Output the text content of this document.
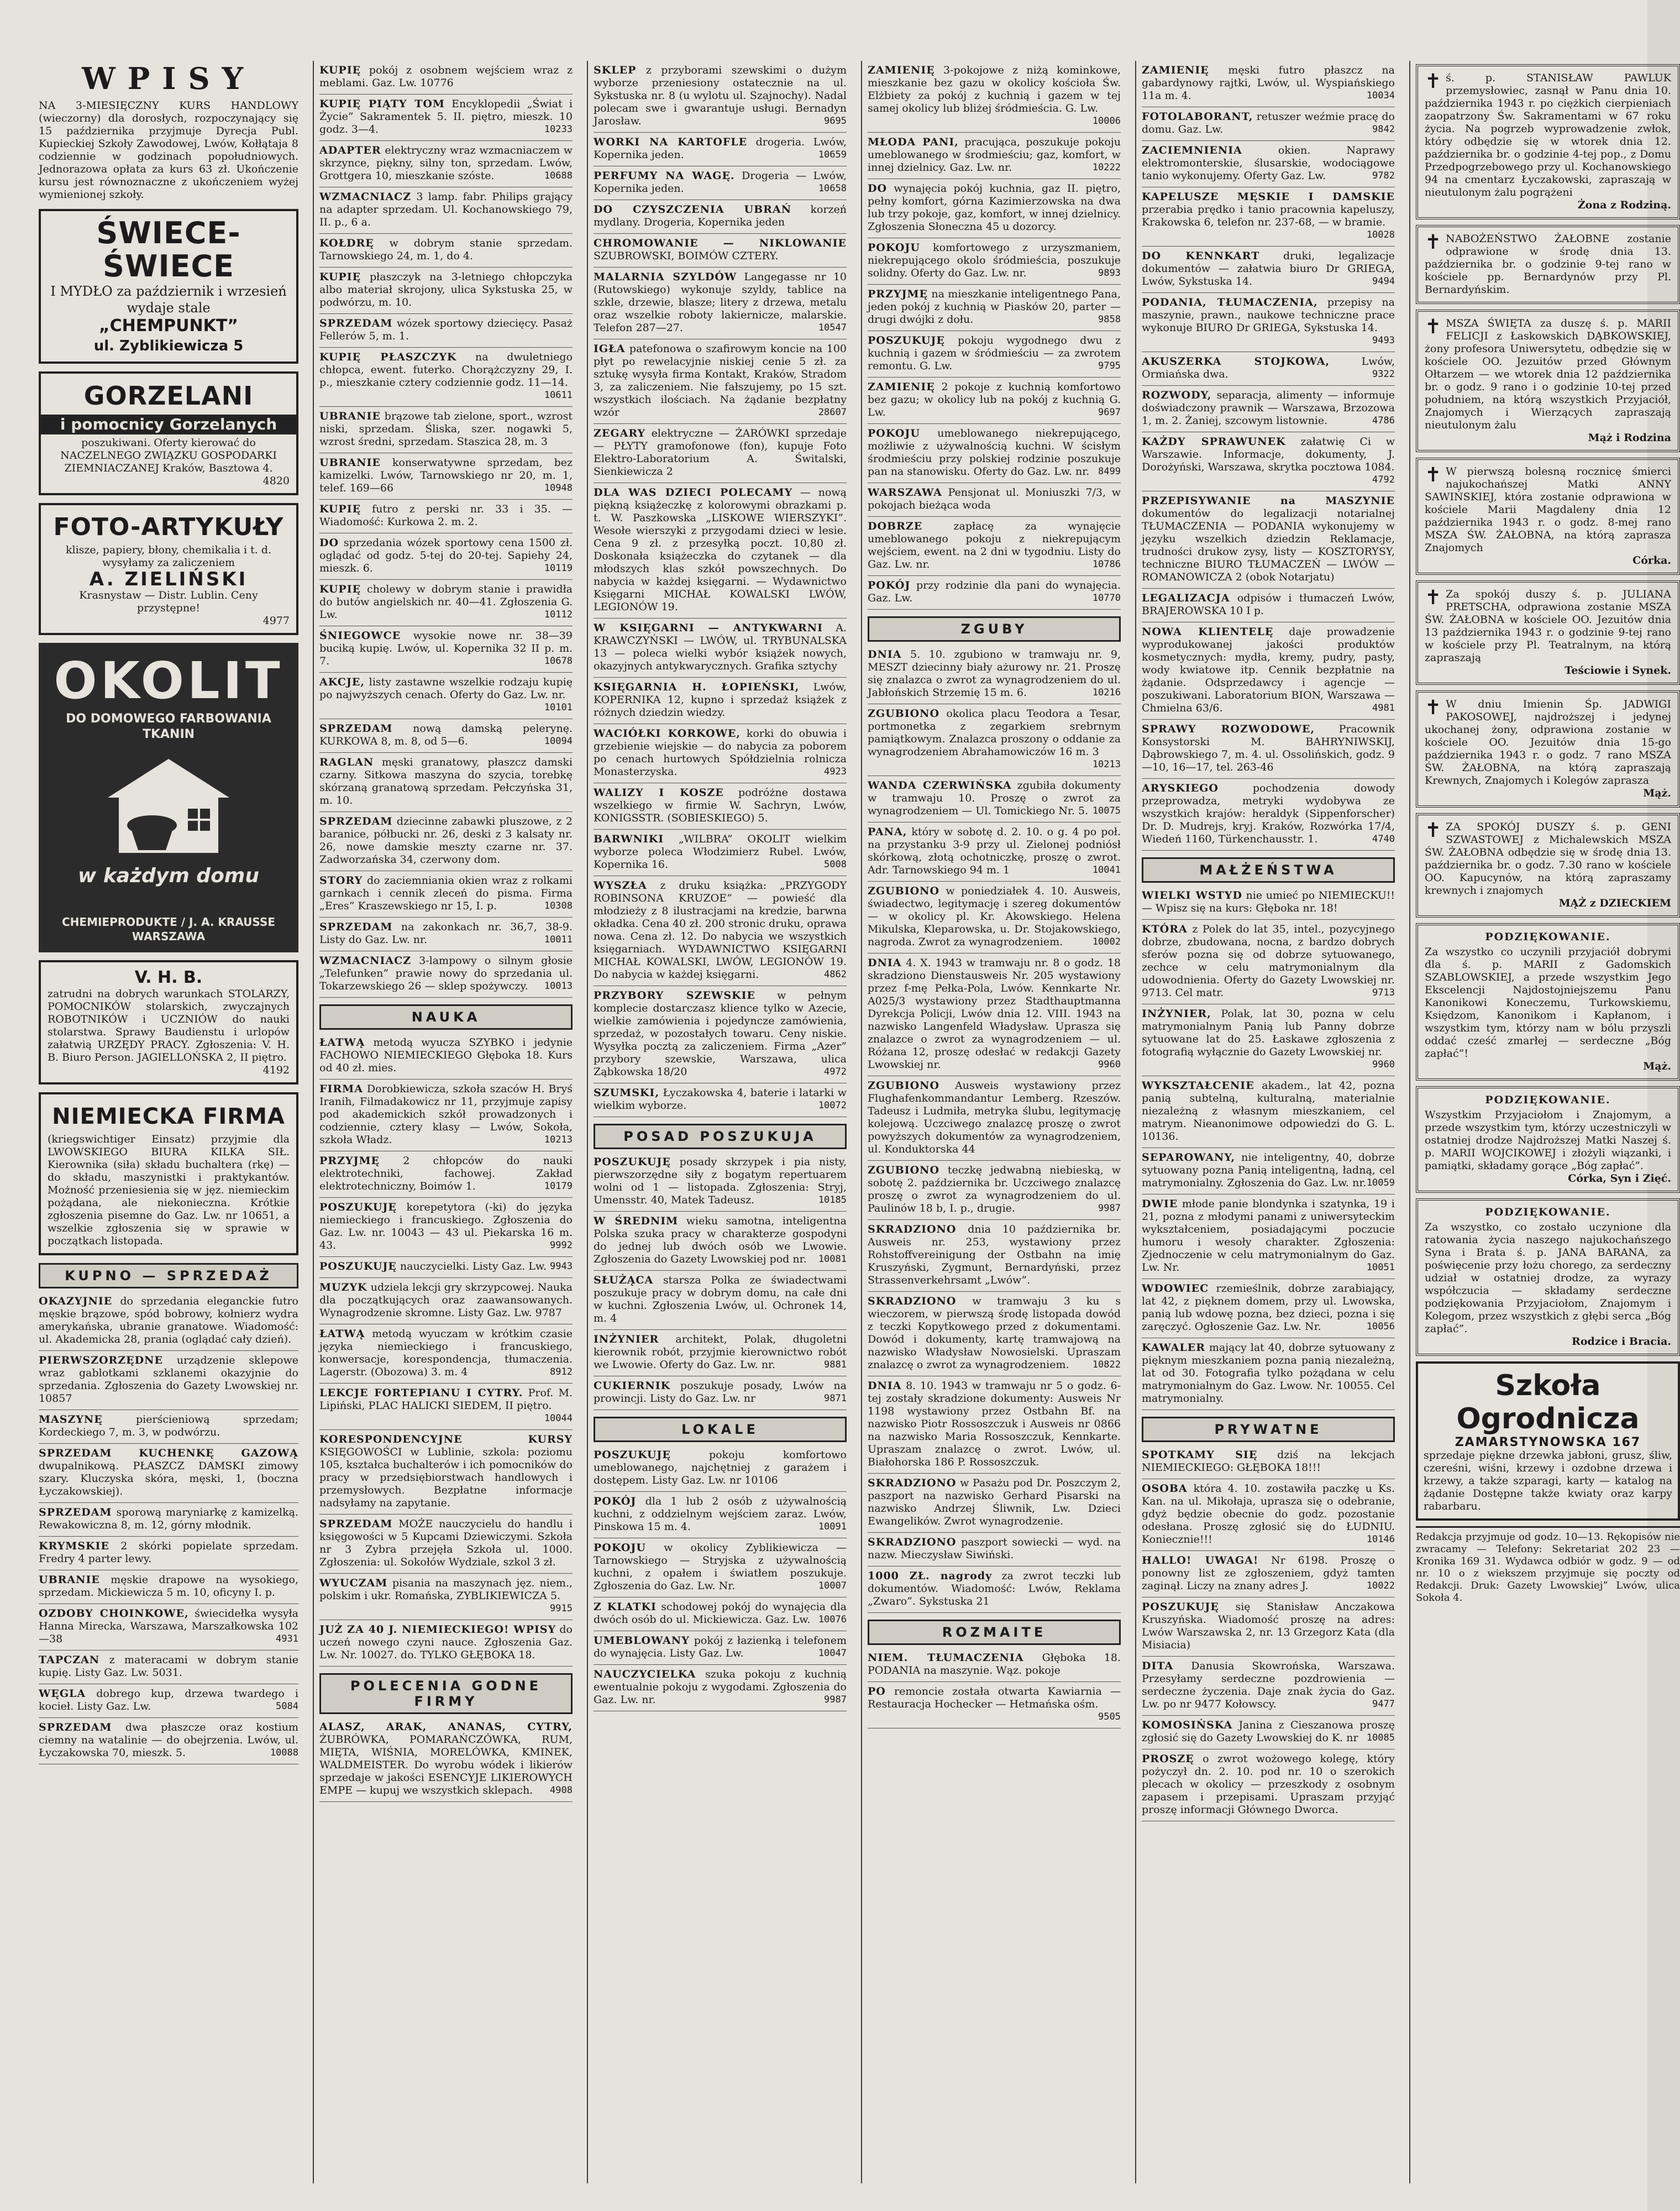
WPISY
NA 3-MIESIĘCZNY KURS HANDLOWY (wieczorny) dla dorosłych, rozpoczynający się 15 października przyjmuje Dyrecja Publ. Kupieckiej Szkoły Zawodowej, Lwów, Kołłątaja 8 codziennie w godzinach popołudniowych. Jednorazowa opłata za kurs 63 zł. Ukończenie kursu jest równoznaczne z ukończeniem wyżej wymienionej szkoły.
ŚWIECE-ŚWIECE
I MYDŁO za październik i wrzesień wydaje stale
„CHEMPUNKT”
ul. Zyblikiewicza 5
GORZELANI
i pomocnicy Gorzelanych
poszukiwani. Oferty kierować do NACZELNEGO ZWIĄZKU GOSPODARKI ZIEMNIACZANEJ Kraków, Basztowa 4.
4820
FOTO-ARTYKUŁY
klisze, papiery, błony, chemikalia i t. d. wysyłamy za zaliczeniem
A. ZIELIŃSKI
Krasnystaw — Distr. Lublin. Ceny przystępne!
4977
OKOLIT
DO DOMOWEGO FARBOWANIA TKANIN
w każdym domu
CHEMIEPRODUKTE / J. A. KRAUSSE
WARSZAWA
V. H. B.
zatrudni na dobrych warunkach STOLARZY, POMOCNIKÓW stolarskich, zwyczajnych ROBOTNIKÓW i UCZNIÓW do nauki stolarstwa. Sprawy Baudienstu i urlopów załatwią URZĘDY PRACY. Zgłoszenia: V. H. B. Biuro Person. JAGIELLOŃSKA 2, II piętro.
4192
NIEMIECKA FIRMA
(kriegswichtiger Einsatz) przyjmie dla LWOWSKIEGO BIURA KILKA SIŁ. Kierownika (siła) składu buchaltera (rkę) — do składu, maszynistki i praktykantów. Możność przeniesienia się w jęz. niemieckim pożądana, ale niekonieczna. Krótkie zgłoszenia pisemne do Gaz. Lw. nr 10651, a wszelkie zgłoszenia się w sprawie w początkach listopada.
KUPNO — SPRZEDAŻ
OKAZYJNIE do sprzedania eleganckie futro męskie brązowe, spód bobrowy, kołnierz wydra amerykańska, ubranie granatowe. Wiadomość: ul. Akademicka 28, prania (oglądać cały dzień).
PIERWSZORZĘDNE urządzenie sklepowe wraz gablotkami szklanemi okazyjnie do sprzedania. Zgłoszenia do Gazety Lwowskiej nr. 10857
MASZYNĘ pierścieniową sprzedam; Kordeckiego 7, m. 3, w podwórzu.
SPRZEDAM KUCHENKĘ GAZOWĄ dwupalnikową. PŁASZCZ DAMSKI zimowy szary. Kluczyska skóra, męski, 1, (boczna Łyczakowskiej).
SPRZEDAM sporową maryniarkę z kamizelką. Rewakowiczna 8, m. 12, górny młodnik.
KRYMSKIE 2 skórki popielate sprzedam. Fredry 4 parter lewy.
UBRANIE męskie drapowe na wysokiego, sprzedam. Mickiewicza 5 m. 10, oficyny I. p.
OZDOBY CHOINKOWE, świecidełka wysyła Hanna Mirecka, Warszawa, Marszałkowska 102—38	4931
TAPCZAN z materacami w dobrym stanie kupię. Listy Gaz. Lw. 5031.
WĘGLA dobrego kup, drzewa twardego i kocieł. Listy Gaz. Lw.	5084
SPRZEDAM dwa płaszcze oraz kostium ciemny na watalinie — do obejrzenia. Lwów, ul. Łyczakowska 70, mieszk. 5.	10088
KUPIĘ pokój z osobnem wejściem wraz z meblami. Gaz. Lw. 10776
KUPIĘ PIĄTY TOM Encyklopedii „Świat i Życie” Sakramentek 5. II. piętro, mieszk. 10 godz. 3—4.	10233
ADAPTER elektryczny wraz wzmacniaczem w skrzynce, piękny, silny ton, sprzedam. Lwów, Grottgera 10, mieszkanie szóste.	10688
WZMACNIACZ 3 lamp. fabr. Philips grający na adapter sprzedam. Ul. Kochanowskiego 79, II. p., 6 a.
KOŁDRĘ w dobrym stanie sprzedam. Tarnowskiego 24, m. 1, do 4.
KUPIĘ płaszczyk na 3-letniego chłopczyka albo materiał skrojony, ulica Sykstuska 25, w podwórzu, m. 10.
SPRZEDAM wózek sportowy dziecięcy. Pasaż Fellerów 5, m. 1.
KUPIĘ PŁASZCZYK na dwuletniego chłopca, ewent. futerko. Chorążczyzny 29, I. p., mieszkanie cztery codziennie godz. 11—14.
10611
UBRANIE brązowe tab zielone, sport., wzrost niski, sprzedam. Śliska, szer. nogawki 5, wzrost średni, sprzedam. Staszica 28, m. 3
UBRANIE konserwatywne sprzedam, bez kamizelki. Lwów, Tarnowskiego nr 20, m. 1, telef. 169—66	10948
KUPIĘ futro z perski nr. 33 i 35. — Wiadomość: Kurkowa 2. m. 2.
DO sprzedania wózek sportowy cena 1500 zł. oglądać od godz. 5-tej do 20-tej. Sapiehy 24, mieszk. 6.	10119
KUPIĘ cholewy w dobrym stanie i prawidła do butów angielskich nr. 40—41. Zgłoszenia G. Lw.	10112
ŚNIEGOWCE wysokie nowe nr. 38—39 buciką kupię. Lwów, ul. Kopernika 32 II p. m. 7.	10678
AKCJE, listy zastawne wszelkie rodzaju kupię po najwyższych cenach. Oferty do Gaz. Lw. nr.
10101
SPRZEDAM nową damską pelerynę. KURKOWA 8, m. 8, od 5—6.	10094
RAGLAN męski granatowy, płaszcz damski czarny. Sitkowa maszyna do szycia, torebkę skórzaną granatową sprzedam. Pełczyńska 31, m. 10.
SPRZEDAM dziecinne zabawki pluszowe, z 2 baranice, półbucki nr. 26, deski z 3 kalsaty nr. 26, nowe damskie meszty czarne nr. 37. Zadworzańska 34, czerwony dom.
STORY do zaciemniania okien wraz z rolkami garnkach i cennik zleceń do pisma. Firma „Eres” Kraszewskiego nr 15, I. p.	10308
SPRZEDAM na zakonkach nr. 36,7, 38-9. Listy do Gaz. Lw. nr.	10011
WZMACNIACZ 3-lampowy o silnym głosie „Telefunken” prawie nowy do sprzedania ul. Tokarzewskiego 26 — sklep spożywczy. 10013
NAUKA
ŁATWĄ metodą wyucza SZYBKO i jedynie FACHOWO NIEMIECKIEGO Głęboka 18. Kurs od 40 zł. mies.
FIRMA Dorobkiewicza, szkoła szaców H. Bryś Iranih, Filmadakowicz nr 11, przyjmuje zapisy pod akademickich szkół prowadzonych i codziennie, cztery klasy — Lwów, Sokoła, szkoła Władz.	10213
PRZYJMĘ 2 chłopców do nauki elektrotechniki, fachowej. Zakład elektrotechniczny, Boimów 1.	10179
POSZUKUJĘ korepetytora (-ki) do języka niemieckiego i francuskiego. Zgłoszenia do Gaz. Lw. nr. 10043 — 43 ul. Piekarska 16 m. 43.	9992
POSZUKUJĘ nauczycielki. Listy Gaz. Lw. 9943
MUZYK udziela lekcji gry skrzypcowej. Nauka dla początkujących oraz zaawansowanych. Wynagrodzenie skromne. Listy Gaz. Lw. 9787
ŁATWĄ metodą wyuczam w krótkim czasie języka niemieckiego i francuskiego, konwersacje, korespondencja, tłumaczenia. Lagerstr. (Obozowa) 3. m. 4	8912
LEKCJE FORTEPIANU I CYTRY. Prof. M. Lipiński, PLAC HALICKI SIEDEM, II piętro.
10044
KORESPONDENCYJNE KURSY KSIĘGOWOŚCI w Lublinie, szkola: poziomu 105, kształca buchalterów i ich pomocników do pracy w przedsiębiorstwach handlowych i przemysłowych. Bezpłatne informacje nadsyłamy na zapytanie.
SPRZEDAM MOŻE nauczycielu do handlu i księgowości w 5 Kupcami Dziewiczymi. Szkoła nr 3 Zybra przejęła Szkoła ul. 1000. Zgłoszenia: ul. Sokołów Wydziale, szkol 3 zł.
WYUCZAM pisania na maszynach jęz. niem., polskim i ukr. Romańska, ZYBLIKIEWICZA 5.
9915
JUŻ ZA 40 J. NIEMIECKIEGO! WPISY do uczeń nowego czyni nauce. Zgłoszenia Gaz. Lw. Nr. 10027. do. TYLKO GŁĘBOKA 18.
POLECENIA GODNE FIRMY
ALASZ, ARAK, ANANAS, CYTRY, ŻUBRÓWKA, POMARAŃCZÓWKA, RUM, MIĘTA, WIŚNIA, MORELÓWKA, KMINEK, WALDMEISTER. Do wyrobu wódek i likierów sprzedaje w jakości ESENCYJE LIKIEROWYCH EMPE — kupuj we wszystkich sklepach. 4908
SKLEP z przyborami szewskimi o dużym wyborze przeniesiony ostatecznie na ul. Sykstuska nr. 8 (u wylotu ul. Szajnochy). Nadal polecam swe i gwarantuje usługi. Bernadyn Jarosław.	9695
WORKI NA KARTOFLE drogeria. Lwów, Kopernika jeden.	10659
PERFUMY NA WAGĘ. Drogeria — Lwów, Kopernika jeden.	10658
DO CZYSZCZENIA UBRAŃ korzeń mydlany. Drogeria, Kopernika jeden
CHROMOWANIE — NIKLOWANIE SZUBROWSKI, BOIMÓW CZTERY.
MALARNIA SZYLDÓW Langegasse nr 10 (Rutowskiego) wykonuje szyldy, tablice na szkle, drzewie, blasze; litery z drzewa, metalu oraz wszelkie roboty lakiernicze, malarskie. Telefon 287—27.	10547
IGŁA patefonowa o szafirowym koncie na 100 płyt po rewelacyjnie niskiej cenie 5 zł. za sztukę wysyła firma Kontakt, Kraków, Stradom 3, za zaliczeniem. Nie fałszujemy, po 15 szt. wszystkich ilościach. Na żądanie bezpłatny wzór	28607
ZEGARY elektryczne — ŻARÓWKI sprzedaje — PŁYTY gramofonowe (fon), kupuje Foto Elektro-Laboratorium A. Świtalski, Sienkiewicza 2
DLA WAS DZIECI POLECAMY — nową piękną książeczkę z kolorowymi obrazkami p. t. W. Paszkowska „LISKOWE WIERSZYKI”. Wesołe wierszyki z przygodami dzieci w lesie. Cena 9 zł. z przesyłką poczt. 10,80 zł. Doskonała książeczka do czytanek — dla młodszych klas szkół powszechnych. Do nabycia w każdej księgarni. — Wydawnictwo Księgarni MICHAŁ KOWALSKI LWÓW, LEGIONÓW 19.
W KSIĘGARNI — ANTYKWARNI A. KRAWCZYŃSKI — LWÓW, ul. TRYBUNALSKA 13 — poleca wielki wybór książek nowych, okazyjnych antykwarycznych. Grafika sztychy
KSIĘGARNIA H. ŁOPIEŃSKI, Lwów, KOPERNIKA 12, kupno i sprzedaż książek z różnych dziedzin wiedzy.
WACIÓŁKI KORKOWE, korki do obuwia i grzebienie wiejskie — do nabycia za poborem po cenach hurtowych Spółdzielnia rolnicza Monasterzyska.	4923
WALIZY I KOSZE podróżne dostawa wszelkiego w firmie W. Sachryn, Lwów, KONIGSSTR. (SOBIESKIEGO) 5.
BARWNIKI „WILBRA” OKOLIT wielkim wyborze poleca Włodzimierz Rubel. Lwów, Kopernika 16.	5008
WYSZŁA z druku książka: „PRZYGODY ROBINSONA KRUZOE” — powieść dla młodzieży z 8 ilustracjami na kredzie, barwna okładka. Cena 40 zł. 200 stronic druku, oprawa nowa. Cena zł. 12. Do nabycia we wszystkich księgarniach. WYDAWNICTWO KSIĘGARNI MICHAŁ KOWALSKI, LWÓW, LEGIONÓW 19. Do nabycia w każdej księgarni.	4862
PRZYBORY SZEWSKIE w pełnym komplecie dostarczasz klience tylko w Azecie, wielkie zamówienia i pojedyncze zamówienia, sprzedaż, w pozostałych towaru. Ceny niskie. Wysyłka pocztą za zaliczeniem. Firma „Azer” przybory szewskie, Warszawa, ulica Ząbkowska 18/20	4972
SZUMSKI, Łyczakowska 4, baterie i latarki w wielkim wyborze.	10072
POSAD POSZUKUJA
POSZUKUJĘ posady skrzypek i pia nisty, pierwszorzędne siły z bogatym repertuarem wolni od 1 — listopada. Zgłoszenia: Stryj, Umensstr. 40, Matek Tadeusz.	10185
W ŚREDNIM wieku samotna, inteligentna Polska szuka pracy w charakterze gospodyni do jednej lub dwóch osób we Lwowie. Zgłoszenia do Gazety Lwowskiej pod nr. 10081
SŁUŻĄCA starsza Polka ze świadectwami poszukuje pracy w dobrym domu, na całe dni w kuchni. Zgłoszenia Lwów, ul. Ochronek 14, m. 4
INŻYNIER architekt, Polak, długoletni kierownik robót, przyjmie kierownictwo robót we Lwowie. Oferty do Gaz. Lw. nr.	9881
CUKIERNIK poszukuje posady, Lwów na prowincji. Listy do Gaz. Lw. nr	9871
LOKALE
POSZUKUJĘ pokoju komfortowo umeblowanego, najchętniej z garażem i dostępem. Listy Gaz. Lw. nr 10106
POKÓJ dla 1 lub 2 osób z używalnością kuchni, z oddzielnym wejściem zaraz. Lwów, Pinskowa 15 m. 4.	10091
POKOJU w okolicy Zyblikiewicza — Tarnowskiego — Stryjska z używalnością kuchni, z opałem i światłem poszukuje. Zgłoszenia do Gaz. Lw. Nr.	10007
Z KLATKI schodowej pokój do wynajęcia dla dwóch osób do ul. Mickiewicza. Gaz. Lw. 10076
UMEBLOWANY pokój z łazienką i telefonem do wynajęcia. Listy Gaz. Lw.	10047
NAUCZYCIELKA szuka pokoju z kuchnią ewentualnie pokoju z wygodami. Zgłoszenia do Gaz. Lw. nr.	9987
ZAMIENIĘ 3-pokojowe z niżą kominkowe, mieszkanie bez gazu w okolicy kościoła Św. Elżbiety za pokój z kuchnią i gazem w tej samej okolicy lub bliżej śródmieścia. G. Lw.
10006
MŁODA PANI, pracująca, poszukuje pokoju umeblowanego w środmieściu; gaz, komfort, w innej dzielnicy. Gaz. Lw. nr.	10222
DO wynajęcia pokój kuchnia, gaz II. piętro, pełny komfort, górna Kazimierzowska na dwa lub trzy pokoje, gaz, komfort, w innej dzielnicy. Zgłoszenia Słoneczna 45 u dozorcy.
POKOJU komfortowego z urzyszmaniem, niekrepującego okolo śródmieścia, poszukuje solidny. Oferty do Gaz. Lw. nr.	9893
PRZYJMĘ na mieszkanie inteligentnego Pana, jeden pokój z kuchnią w Piasków 20, parter — drugi dwójki z dołu.	9858
POSZUKUJĘ pokoju wygodnego dwu z kuchnią i gazem w śródmieściu — za zwrotem remontu. G. Lw.	9795
ZAMIENIĘ 2 pokoje z kuchnią komfortowo bez gazu; w okolicy lub na pokój z kuchnią G. Lw.	9697
POKOJU umeblowanego niekrepującego, możliwie z używalnością kuchni. W ścisłym środmieściu przy polskiej rodzinie poszukuje pan na stanowisku. Oferty do Gaz. Lw. nr. 8499
WARSZAWA Pensjonat ul. Moniuszki 7/3, w pokojach bieżąca woda
DOBRZE zapłacę za wynajęcie umeblowanego pokoju z niekrepującym wejściem, ewent. na 2 dni w tygodniu. Listy do Gaz. Lw. nr.	10786
POKÓJ przy rodzinie dla pani do wynajęcia. Gaz. Lw.	10770
ZGUBY
DNIA 5. 10. zgubiono w tramwaju nr. 9, MESZT dziecinny biały ażurowy nr. 21. Proszę się znalazca o zwrot za wynagrodzeniem do ul. Jabłońskich Strzemię 15 m. 6.	10216
ZGUBIONO okolica placu Teodora a Tesar, portmonetka z zegarkiem srebrnym pamiątkowym. Znalazca proszony o oddanie za wynagrodzeniem Abrahamowiczów 16 m. 3
10213
WANDA CZERWIŃSKA zgubiła dokumenty w tramwaju 10. Proszę o zwrot za wynagrodzeniem — Ul. Tomickiego Nr. 5. 10075
PANA, który w sobotę d. 2. 10. o g. 4 po poł. na przystanku 3-9 przy ul. Zielonej podniósł skórkową, złotą ochotniczkę, proszę o zwrot. Adr. Tarnowskiego 94 m. 1	10041
ZGUBIONO w poniedziałek 4. 10. Ausweis, świadectwo, legitymację i szereg dokumentów — w okolicy pl. Kr. Akowskiego. Helena Mikulska, Kleparowska, u. Dr. Stojakowskiego, nagroda. Zwrot za wynagrodzeniem.	10002
DNIA 4. X. 1943 w tramwaju nr. 8 o godz. 18 skradziono Dienstausweis Nr. 205 wystawiony przez f-mę Pełka-Pola, Lwów. Kennkarte Nr. A025/3 wystawiony przez Stadthauptmanna Dyrekcja Policji, Lwów dnia 12. VIII. 1943 na nazwisko Langenfeld Władysław. Uprasza się znalazce o zwrot za wynagrodzeniem — ul. Różana 12, proszę odesłać w redakcji Gazety Lwowskiej nr.	9960
ZGUBIONO Ausweis wystawiony przez Flughafenkommandantur Lemberg. Rzeszów. Tadeusz i Ludmiła, metryka ślubu, legitymację kolejową. Uczciwego znalazcę proszę o zwrot powyższych dokumentów za wynagrodzeniem, ul. Konduktorska 44
ZGUBIONO teczkę jedwabną niebieską, w sobotę 2. października br. Uczciwego znalazcę proszę o zwrot za wynagrodzeniem do ul. Paulinów 18 b, I. p., drugie.	9987
SKRADZIONO dnia 10 października br. Ausweis nr. 253, wystawiony przez Rohstoffvereinigung der Ostbahn na imię Kruszyński, Zygmunt, Bernardyński, przez Strassenverkehrsamt „Lwów”.
SKRADZIONO w tramwaju 3 ku s wieczorem, w pierwszą środę listopada dowód z teczki Kopytkowego przed z dokumentami. Dowód i dokumenty, kartę tramwajową na nazwisko Władysław Nowosielski. Upraszam znalazcę o zwrot za wynagrodzeniem. 10822
DNIA 8. 10. 1943 w tramwaju nr 5 o godz. 6-tej zostały skradzione dokumenty: Ausweis Nr 1198 wystawiony przez Ostbahn Bf. na nazwisko Piotr Rossoszczuk i Ausweis nr 0866 na nazwisko Maria Rossoszczuk, Kennkarte. Upraszam znalazcę o zwrot. Lwów, ul. Białohorska 186 P. Rossoszczuk.
SKRADZIONO w Pasażu pod Dr. Poszczym 2, paszport na nazwisko Gerhard Pisarski na nazwisko Andrzej Śliwnik, Lw. Dzieci Ewangelików. Zwrot wynagrodzenie.
SKRADZIONO paszport sowiecki — wyd. na nazw. Mieczysław Siwiński.
1000 ZŁ. nagrody za zwrot teczki lub dokumentów. Wiadomość: Lwów, Reklama „Zwaro”. Sykstuska 21
ROZMAITE
NIEM. TŁUMACZENIA Głęboka 18. PODANIA na maszynie. Wąz. pokoje
PO remoncie została otwarta Kawiarnia — Restauracja Hochecker — Hetmańska ośm.
9505
ZAMIENIĘ męski futro płaszcz na gabardynowy rajtki, Lwów, ul. Wyspiańskiego 11a m. 4.	10034
FOTOLABORANT, retuszer weźmie pracę do domu. Gaz. Lw.	9842
ZACIEMNIENIA okien. Naprawy elektromonterskie, ślusarskie, wodociągowe tanio wykonujemy. Oferty Gaz. Lw.	9782
KAPELUSZE MĘSKIE I DAMSKIE przerabia prędko i tanio pracownia kapeluszy, Krakowska 6, telefon nr. 237-68, — w bramie.
10028
DO KENNKART druki, legalizacje dokumentów — załatwia biuro Dr GRIEGA, Lwów, Sykstuska 14.	9494
PODANIA, TŁUMACZENIA, przepisy na maszynie, prawn., naukowe techniczne prace wykonuje BIURO Dr GRIEGA, Sykstuska 14.
9493
AKUSZERKA STOJKOWA, Lwów, Ormiańska dwa.	9322
ROZWODY, separacja, alimenty — informuje doświadczony prawnik — Warszawa, Brzozowa 1, m. 2. Żaniej, szcowym listownie.	4786
KAŻDY SPRAWUNEK załatwię Ci w Warszawie. Informacje, dokumenty, J. Dorożyński, Warszawa, skrytka pocztowa 1084.
4792
PRZEPISYWANIE na MASZYNIE dokumentów do legalizacji notarialnej TŁUMACZENIA — PODANIA wykonujemy w języku wszelkich dziedzin Reklamacje, trudności drukow zysy, listy — KOSZTORYSY, techniczne BIURO TŁUMACZEŃ — LWÓW — ROMANOWICZA 2 (obok Notarjatu)
LEGALIZACJA odpisów i tłumaczeń Lwów, BRAJEROWSKA 10 I p.
NOWA KLIENTELĘ daje prowadzenie wyprodukowanej jakości produktów kosmetycznych: mydła, kremy, pudry, pasty, wody kwiatowe itp. Cennik bezpłatnie na żądanie. Odsprzedawcy i agencje — poszukiwani. Laboratorium BION, Warszawa — Chmielna 63/6.	4981
SPRAWY ROZWODOWE, Pracownik Konsystorski M. BAHRYNIWSKIJ, Dąbrowskiego 7, m. 4. ul. Ossolińskich, godz. 9—10, 16—17, tel. 263-46
ARYSKIEGO pochodzenia dowody przeprowadza, metryki wydobywa ze wszystkich krajów: heraldyk (Sippenforscher) Dr. D. Mudrejs, kryj. Kraków, Rozwórka 17/4, Wiedeń 1160, Türkenchausstr. 1.	4740
MAŁŻEŃSTWA
WIELKI WSTYD nie umieć po NIEMIECKU!! — Wpisz się na kurs: Głęboka nr. 18!
KTÓRA z Polek do lat 35, intel., pozycyjnego dobrze, zbudowana, nocna, z bardzo dobrych sferów pozna się od dobrze sytuowanego, zechce w celu matrymonialnym dla udowodnienia. Oferty do Gazety Lwowskiej nr. 9713. Cel matr.	9713
INŻYNIER, Polak, lat 30, pozna w celu matrymonialnym Panią lub Panny dobrze sytuowane lat do 25. Łaskawe zgłoszenia z fotografią wyłącznie do Gazety Lwowskiej nr.
9960
WYKSZTAŁCENIE akadem., lat 42, pozna panią subtelną, kulturalną, materialnie niezależną z własnym mieszkaniem, cel matrym. Nieanonimowe odpowiedzi do G. L. 10136.
SEPAROWANY, nie inteligentny, 40, dobrze sytuowany pozna Panią inteligentną, ładną, cel matrymonialny. Zgłoszenia do Gaz. Lw. nr. 10059
DWIE młode panie blondynka i szatynka, 19 i 21, pozna z młodymi panami z uniwersyteckim wykształceniem, posiadającymi poczucie humoru i wesoły charakter. Zgłoszenia: Zjednoczenie w celu matrymonialnym do Gaz. Lw. Nr.	10051
WDOWIEC rzemieślnik, dobrze zarabiający, lat 42, z pięknem domem, przy ul. Lwowska, panią lub wdowę pozna, bez dzieci, pozna i się zaręczyć. Ogłoszenie Gaz. Lw. Nr.	10056
KAWALER mający lat 40, dobrze sytuowany z pięknym mieszkaniem pozna panią niezależną, lat od 30. Fotografia tylko pożądana w celu matrymonialnym do Gaz. Lwow. Nr. 10055. Cel matrymonialny.
PRYWATNE
SPOTKAMY SIĘ dziś na lekcjach NIEMIECKIEGO: GŁĘBOKA 18!!!
OSOBA która 4. 10. zostawiła paczkę u Ks. Kan. na ul. Mikołaja, uprasza się o odebranie, gdyż będzie obecnie do godz. pozostanie odesłana. Proszę zgłosić się do ŁUDNIU. Koniecznie!!!	10146
HALLO! UWAGA! Nr 6198. Proszę o ponowny list ze zgłoszeniem, gdyż tamten zaginął. Liczy na znany adres J.	10022
POSZUKUJĘ się Stanisław Anczakowa Kruszyńska. Wiadomość proszę na adres: Lwów Warszawska 2, nr. 13 Grzegorz Kata (dla Misiacia)
DITA Danusia Skowrońska, Warszawa. Przesyłamy serdeczne pozdrowienia — serdeczne życzenia. Daje znak życia do Gaz. Lw. po nr 9477 Kołowscy.	9477
KOMOSIŃSKA Janina z Cieszanowa proszę zgłosić się do Gazety Lwowskiej do K. nr 10085
PROSZĘ o zwrot wożowego kolegę, który pożyczył dn. 2. 10. pod nr. 10 o szerokich plecach w okolicy — przeszkody z osobnym zapasem i przepisami. Upraszam przyjąć proszę informacji Głównego Dworca.
✝ ś. p. STANISŁAW PAWLUK przemysłowiec, zasnął w Panu dnia 10. października 1943 r. po ciężkich cierpieniach zaopatrzony Św. Sakramentami w 67 roku życia. Na pogrzeb wyprowadzenie zwłok, który odbędzie się w wtorek dnia 12. października br. o godzinie 4-tej pop., z Domu Przedpogrzebowego przy ul. Kochanowskiego 94 na cmentarz Łyczakowski, zapraszają w nieutulonym żalu pogrążeni
Żona z Rodziną.
✝ NABOŻEŃSTWO ŻAŁOBNE zostanie odprawione w środę dnia 13. października br. o godzinie 9-tej rano w kościele pp. Bernardynów przy Pl. Bernardyńskim.
✝ MSZA ŚWIĘTA za duszę ś. p. MARII FELICJI z Łaskowskich DĄBKOWSKIEJ, żony profesora Uniwersytetu, odbędzie się w kościele OO. Jezuitów przed Głównym Ołtarzem — we wtorek dnia 12 października br. o godz. 9 rano i o godzinie 10-tej przed południem, na którą wszystkich Przyjaciół, Znajomych i Wierzących zapraszają nieutulonym żalu
Mąż i Rodzina
✝ W pierwszą bolesną rocznicę śmierci najukochańszej Matki ANNY SAWIŃSKIEJ, która zostanie odprawiona w kościele Marii Magdaleny dnia 12 października 1943 r. o godz. 8-mej rano MSZA ŚW. ŻAŁOBNA, na którą zaprasza Znajomych
Córka.
✝ Za spokój duszy ś. p. JULIANA PRETSCHA, odprawiona zostanie MSZA ŚW. ŻAŁOBNA w kościele OO. Jezuitów dnia 13 października 1943 r. o godzinie 9-tej rano w kościele przy Pl. Teatralnym, na którą zapraszają
Teściowie i Synek.
✝ W dniu Imienin Śp. JADWIGI PAKOSOWEJ, najdroższej i jedynej ukochanej żony, odprawiona zostanie w kościele OO. Jezuitów dnia 15-go października 1943 r. o godz. 7 rano MSZA ŚW. ŻAŁOBNA, na którą zapraszają Krewnych, Znajomych i Kolegów zaprasza
Mąż.
✝ ZA SPOKÓJ DUSZY ś. p. GENI SZWASTOWEJ z Michalewskich MSZA ŚW. ŻAŁOBNA odbędzie się w środę dnia 13. października br. o godz. 7.30 rano w kościele OO. Kapucynów, na którą zapraszamy krewnych i znajomych
MĄŻ z DZIECKIEM
PODZIĘKOWANIE.
Za wszystko co uczynili przyjaciół dobrymi dla ś. p. MARII z Gadomskich SZABLOWSKIEJ, a przede wszystkim Jego Ekscelencji Najdostojniejszemu Panu Kanonikowi Koneczemu, Turkowskiemu, Księdzom, Kanonikom i Kapłanom, i wszystkim tym, którzy nam w bólu przyszli oddać cześć zmarłej — serdeczne „Bóg zapłać”!
Mąż.
PODZIĘKOWANIE.
Wszystkim Przyjaciołom i Znajomym, a przede wszystkim tym, którzy uczestniczyli w ostatniej drodze Najdroższej Matki Naszej ś. p. MARII WOJCIKOWEJ i złożyli wiązanki, i pamiątki, składamy gorące „Bóg zapłać”.
Córka, Syn i Zięć.
PODZIĘKOWANIE.
Za wszystko, co zostało uczynione dla ratowania życia naszego najukochańszego Syna i Brata ś. p. JANA BARANA, za poświęcenie przy łożu chorego, za serdeczny udział w ostatniej drodze, za wyrazy współczucia — składamy serdeczne podziękowania Przyjaciołom, Znajomym i Kolegom, przez wszystkich z głębi serca „Bóg zapłać”.
Rodzice i Bracia.
Szkoła Ogrodnicza
ZAMARSTYNOWSKA 167
sprzedaje piękne drzewka jabłoni, grusz, śliw, czereśni, wiśni, krzewy i ozdobne drzewa i krzewy, a także szparagi, karty — katalog na żądanie Dostępne także kwiaty oraz karpy rabarbaru.
Redakcja przyjmuje od godz. 10—13. Rękopisów nie zwracamy — Telefony: Sekretariat 202 23 — Kronika 169 31. Wydawca odbiór w godz. 9 — od nr. 10 o z wiekszem przyjmuje się poczty od Redakcji. Druk: Gazety Lwowskiej” Lwów, ulica Sokoła 4.
